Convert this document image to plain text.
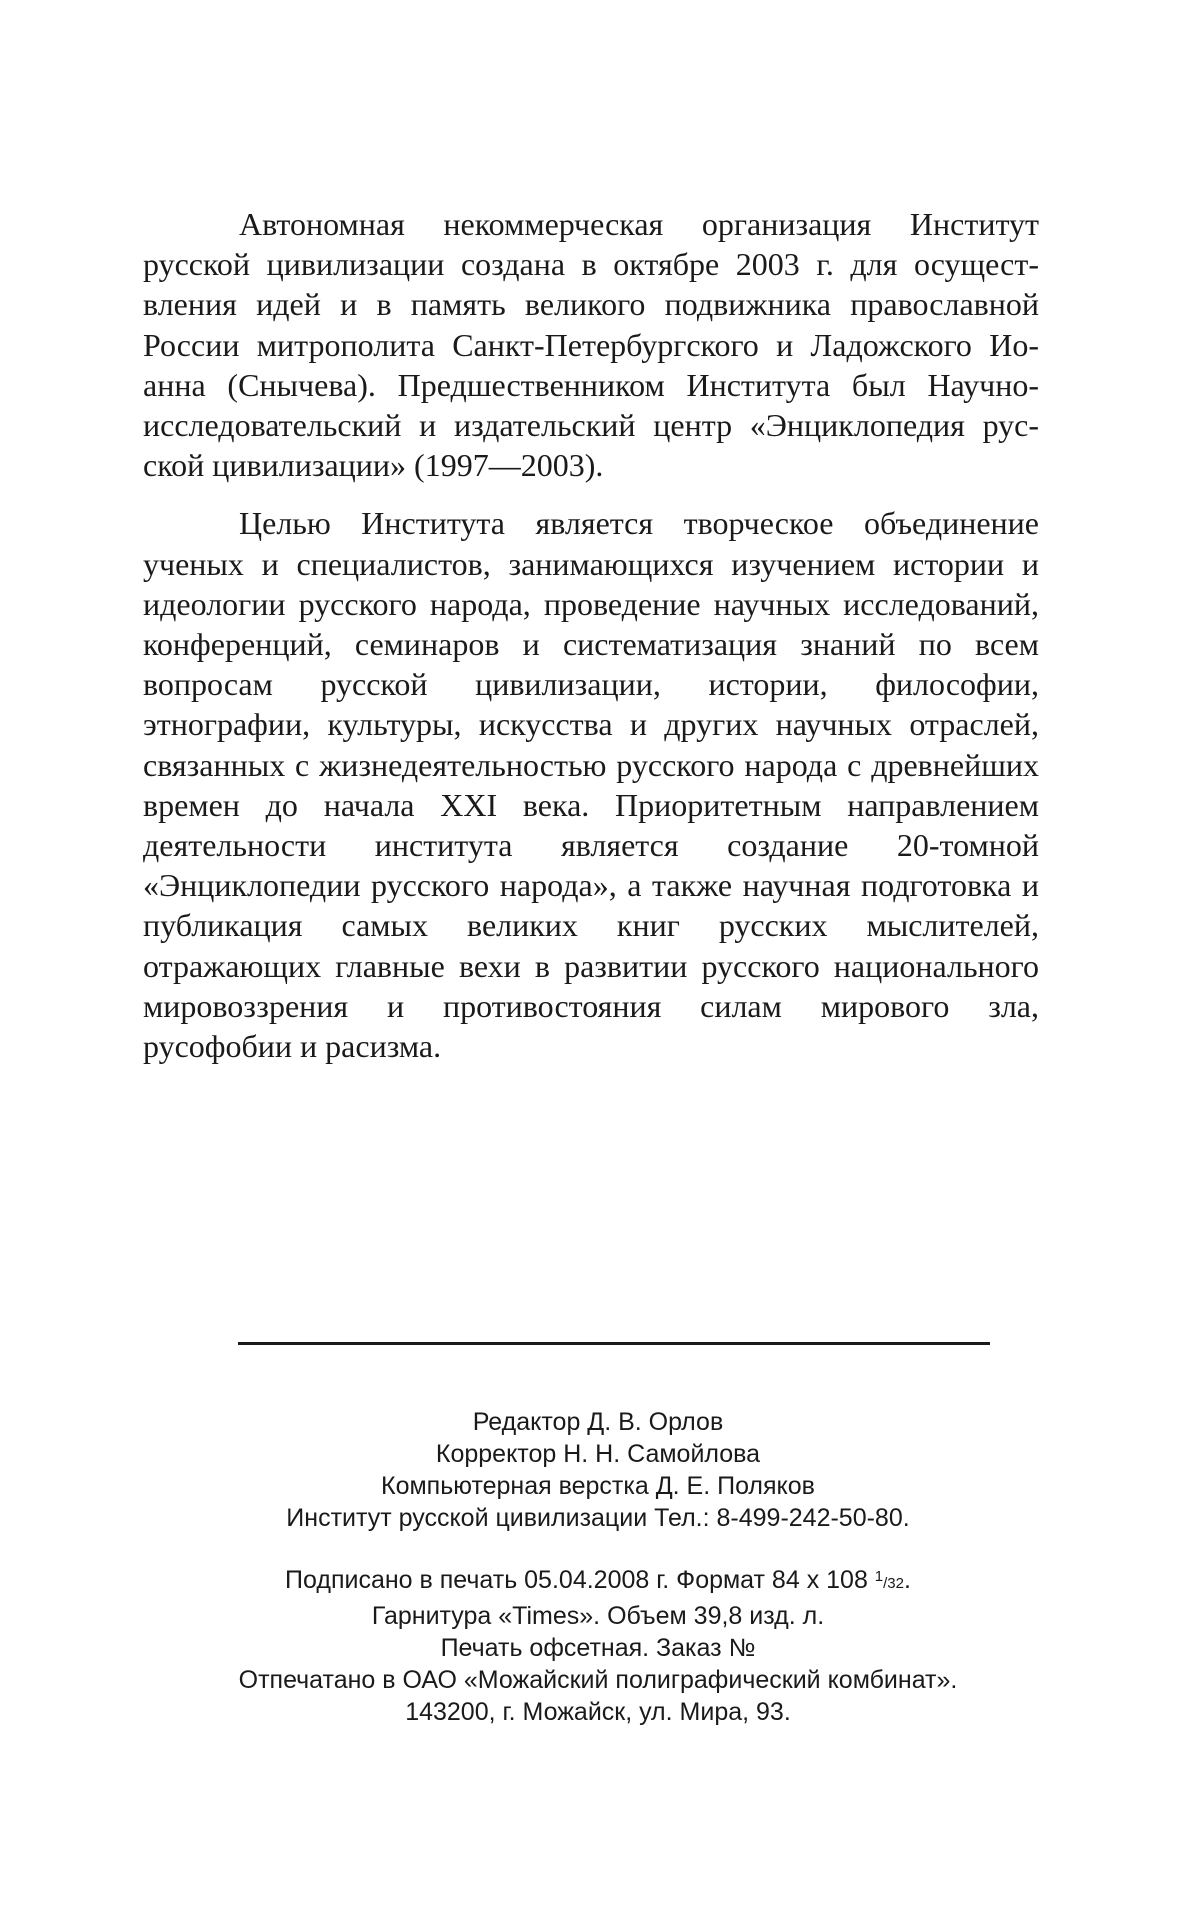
Автономная некоммерческая организация Институт русской цивилизации создана в октябре 2003 г. для осуществления идей и в память великого подвижника православной России митрополита Санкт-Петербургского и Ладожского Иоанна (Снычева). Предшественником Института был Научно-исследовательский и издательский центр «Энциклопедия русской цивилизации» (1997—2003).

Целью Института является творческое объединение ученых и специалистов, занимающихся изучением истории и идеологии русского народа, проведение научных исследований, конференций, семинаров и систематизация знаний по всем вопросам русской цивилизации, истории, философии, этнографии, культуры, искусства и других научных отраслей, связанных с жизнедеятельностью русского народа с древнейших времен до начала XXI века. Приоритетным направлением деятельности института является создание 20-томной «Энциклопедии русского народа», а также научная подготовка и публикация самых великих книг русских мыслителей, отражающих главные вехи в развитии русского национального мировоззрения и противостояния силам мирового зла, русофобии и расизма.

Редактор Д. В. Орлов
Корректор Н. Н. Самойлова
Компьютерная верстка Д. Е. Поляков
Институт русской цивилизации Тел.: 8-499-242-50-80.
Подписано в печать 05.04.2008 г. Формат 84 х 108 1/32.
Гарнитура «Times». Объем 39,8 изд. л.
Печать офсетная. Заказ №
Отпечатано в ОАО «Можайский полиграфический комбинат».
143200, г. Можайск, ул. Мира, 93.
